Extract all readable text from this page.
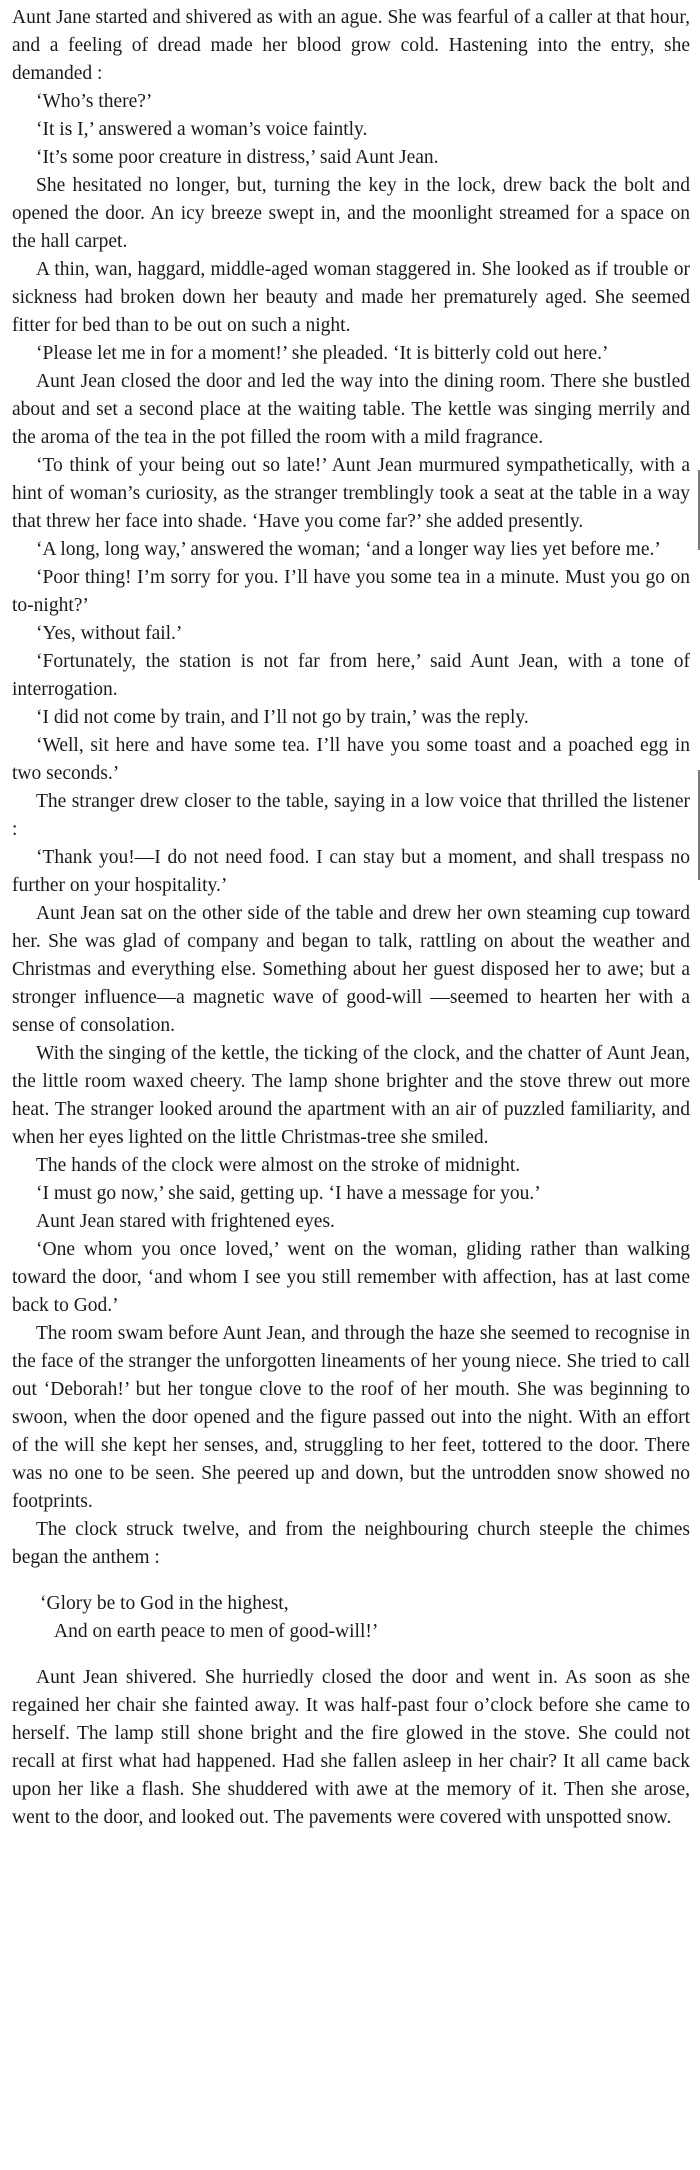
Aunt Jane started and shivered as with an ague. She was fearful of a caller at that hour, and a feeling of dread made her blood grow cold. Hastening into the entry, she demanded :

‘Who’s there?’

‘It is I,’ answered a woman’s voice faintly.

‘It’s some poor creature in distress,’ said Aunt Jean.

She hesitated no longer, but, turning the key in the lock, drew back the bolt and opened the door. An icy breeze swept in, and the moonlight streamed for a space on the hall carpet.

A thin, wan, haggard, middle-aged woman staggered in. She looked as if trouble or sickness had broken down her beauty and made her prematurely aged. She seemed fitter for bed than to be out on such a night.

‘Please let me in for a moment!’ she pleaded. ‘It is bitterly cold out here.’

Aunt Jean closed the door and led the way into the dining room. There she bustled about and set a second place at the waiting table. The kettle was singing merrily and the aroma of the tea in the pot filled the room with a mild fragrance.

‘To think of your being out so late!’ Aunt Jean murmured sympathetically, with a hint of woman’s curiosity, as the stranger tremblingly took a seat at the table in a way that threw her face into shade. ‘Have you come far?’ she added presently.

‘A long, long way,’ answered the woman; ‘and a longer way lies yet before me.’

‘Poor thing! I’m sorry for you. I’ll have you some tea in a minute. Must you go on to-night?’

‘Yes, without fail.’

‘Fortunately, the station is not far from here,’ said Aunt Jean, with a tone of interrogation.

‘I did not come by train, and I’ll not go by train,’ was the reply.

‘Well, sit here and have some tea. I’ll have you some toast and a poached egg in two seconds.’

The stranger drew closer to the table, saying in a low voice that thrilled the listener :

‘Thank you!—I do not need food. I can stay but a moment, and shall trespass no further on your hospitality.’

Aunt Jean sat on the other side of the table and drew her own steaming cup toward her. She was glad of company and began to talk, rattling on about the weather and Christmas and everything else. Something about her guest disposed her to awe; but a stronger influence—a magnetic wave of good-will —seemed to hearten her with a sense of consolation.

With the singing of the kettle, the ticking of the clock, and the chatter of Aunt Jean, the little room waxed cheery. The lamp shone brighter and the stove threw out more heat. The stranger looked around the apartment with an air of puzzled familiarity, and when her eyes lighted on the little Christmas-tree she smiled.

The hands of the clock were almost on the stroke of midnight.

‘I must go now,’ she said, getting up. ‘I have a message for you.’

Aunt Jean stared with frightened eyes.

‘One whom you once loved,’ went on the woman, gliding rather than walking toward the door, ‘and whom I see you still remember with affection, has at last come back to God.’

The room swam before Aunt Jean, and through the haze she seemed to recognise in the face of the stranger the unforgotten lineaments of her young niece. She tried to call out ‘Deborah!’ but her tongue clove to the roof of her mouth. She was beginning to swoon, when the door opened and the figure passed out into the night. With an effort of the will she kept her senses, and, struggling to her feet, tottered to the door. There was no one to be seen. She peered up and down, but the untrodden snow showed no footprints.

The clock struck twelve, and from the neighbouring church steeple the chimes began the anthem :

‘Glory be to God in the highest,
And on earth peace to men of good-will!’

Aunt Jean shivered. She hurriedly closed the door and went in. As soon as she regained her chair she fainted away. It was half-past four o’clock before she came to herself. The lamp still shone bright and the fire glowed in the stove. She could not recall at first what had happened. Had she fallen asleep in her chair? It all came back upon her like a flash. She shuddered with awe at the memory of it. Then she arose, went to the door, and looked out. The pavements were covered with unspotted snow.
